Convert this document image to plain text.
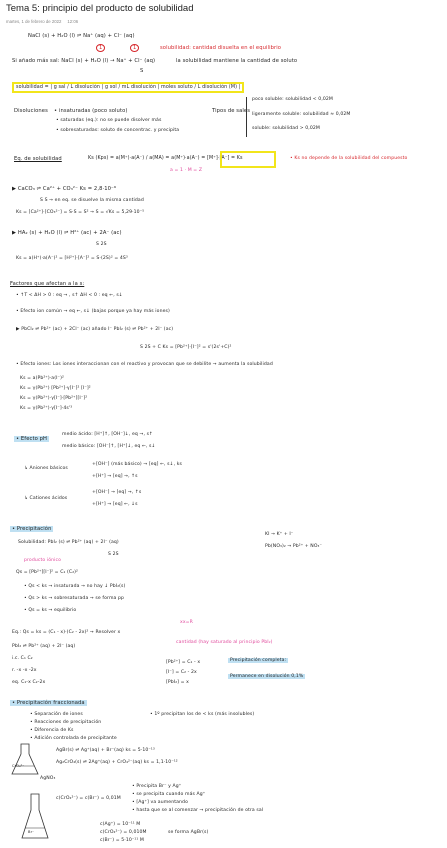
Tema 5: principio del producto de solubilidad
martes, 1 de febrero de 2022 12:06
NaCl (s) + H₂O (l) ⇌ Na⁺ (aq) + Cl⁻ (aq)
1	1	solubilidad: cantidad disuelta en el equilibrio
Si añado más sal: NaCl (s) + H₂O (l) → Na⁺ + Cl⁻ (aq)	la solubilidad mantiene la cantidad de soluto
S
solubilidad = | g sal / L disolución | g sol / mL disolución | moles soluto / L disolución (M) |
Disoluciones • insaturadas (poco soluto)
• saturadas (eq.): no se puede disolver más
• sobresaturadas: soluto de concentrac. y precipita
Tipos de sales
poco soluble: solubilidad < 0,02M
ligeramente soluble: solubilidad ≈ 0,02M
soluble: solubilidad > 0,02M
Eq. de solubilidad	Ks (Kps) = a(M⁺)·a(A⁻) / a(MA) = a(M⁺)·a(A⁻) = [M⁺]·[A⁻] = Ks	• Ks no depende de la solubilidad del compuesto
a = 1 · M = Z
▶ CaCO₃ ⇌ Ca²⁺ + CO₃²⁻ Ks = 2,8·10⁻⁹
S S → en eq. se disuelve la misma cantidad
Ks = [Ca²⁺]·[CO₃²⁻] = S·S = S² → S = √Ks = 5,29·10⁻⁵
▶ HA₂ (s) + H₂O (l) ⇌ H²⁺ (ac) + 2A⁻ (ac)
S 2S
Ks = a(H⁺)·a(A⁻)² = [H²⁺]·[A⁻]² = S·(2S)² = 4S³
Factores que afectan a la s:
• ↑T < ΔH > 0 : eq → , s↑ ΔH < 0 : eq ←, s↓
• Efecto ion común → eq ←, s↓ (bajas porque ya hay más iones)
▶ PbCl₂ ⇌ Pb²⁺ (ac) + 2Cl⁻ (ac) añado I⁻ PbI₂ (s) ⇌ Pb²⁺ + 2I⁻ (ac)
S 2S + C Ks = [Pb²⁺]·[I⁻]² = s'(2s'+C)²
• Efecto iones: Los iones interaccionan con el reactivo y provocan que se debilite → aumenta la solubilidad
Ks = a(Pb²⁺)·a(I⁻)²
Ks = γ(Pb²⁺) [Pb²⁺]·γ[I⁻]² [I⁻]²
Ks = γ(Pb²⁺)·γ[I⁻]·[Pb²⁺][I⁻]²
Ks = γ(Pb²⁺)·γ[I⁻]·4s'³
• Efecto pH
medio ácido: [H⁺]↑, [OH⁻]↓, eq →, s↑
medio básico: [OH⁻]↑, [H⁺]↓, eq ←, s↓
↳ Aniones básicos
+[OH⁻] (más básico) → [eq] ←, s↓, ks
+[H⁺] → [eq] →, ↑s
↳ Cationes ácidos
+[OH⁻] → [eq] →, ↑s
+[H⁺] → [eq] ←, ↓s
• Precipitación
Solubilidad: PbI₂ (s) ⇌ Pb²⁺ (aq) + 2I⁻ (aq)
S 2S
KI → K⁺ + I⁻
Pb(NO₃)₂ → Pb²⁺ + NO₃⁻
producto iónico
Qs = [Pb²⁺][I⁻]² = C₁ (C₂)²
• Qs < ks → insaturada → no hay ↓ PbI₂(s)
• Qs > ks → sobresaturada → se forma pp
• Qs = ks → equilibrio
Eq.: Qs = ks = (C₁ - x)·(C₂ - 2x)² → Resolver x
xx=R
PbI₂ ⇌ Pb²⁺ (aq) + 2I⁻ (aq)
cantidad (hay saturado al principio PbI₂)
i.c. C₁ C₂
r. -x -x -2x
eq. C₁-x C₂-2x
[Pb²⁺] = C₁ - x
[I⁻] = C₂ - 2x
[PbI₂] = x
Precipitación completa:
Permanece en disolución 0,1%
• Precipitación fraccionada
• Separación de iones
• Reacciones de precipitación
• Diferencia de Ks
• Adición controlada de precipitante
• 1º precipitan los de < ks (más insolubles)
AgBr(s) ⇌ Ag⁺(aq) + Br⁻(aq) ks = 5·10⁻¹³
Ag₂CrO₄(s) ⇌ 2Ag⁺(aq) + CrO₄²⁻(aq) ks = 1,1·10⁻¹²
CrO₄²⁻
AgNO₃
Br⁻
c(CrO₄²⁻) = c(Br⁻) = 0,01M
• Precipita Br⁻ y Ag⁺
• se precipita cuando más Ag⁺
• [Ag⁺] va aumentando
• hasta que se al comenzar → precipitación de otra sal
c(Ag⁺) = 10⁻¹¹ M
c(CrO₄²⁻) = 0,010M
c(Br⁻) = 5·10⁻¹¹ M
se forma AgBr(s)
